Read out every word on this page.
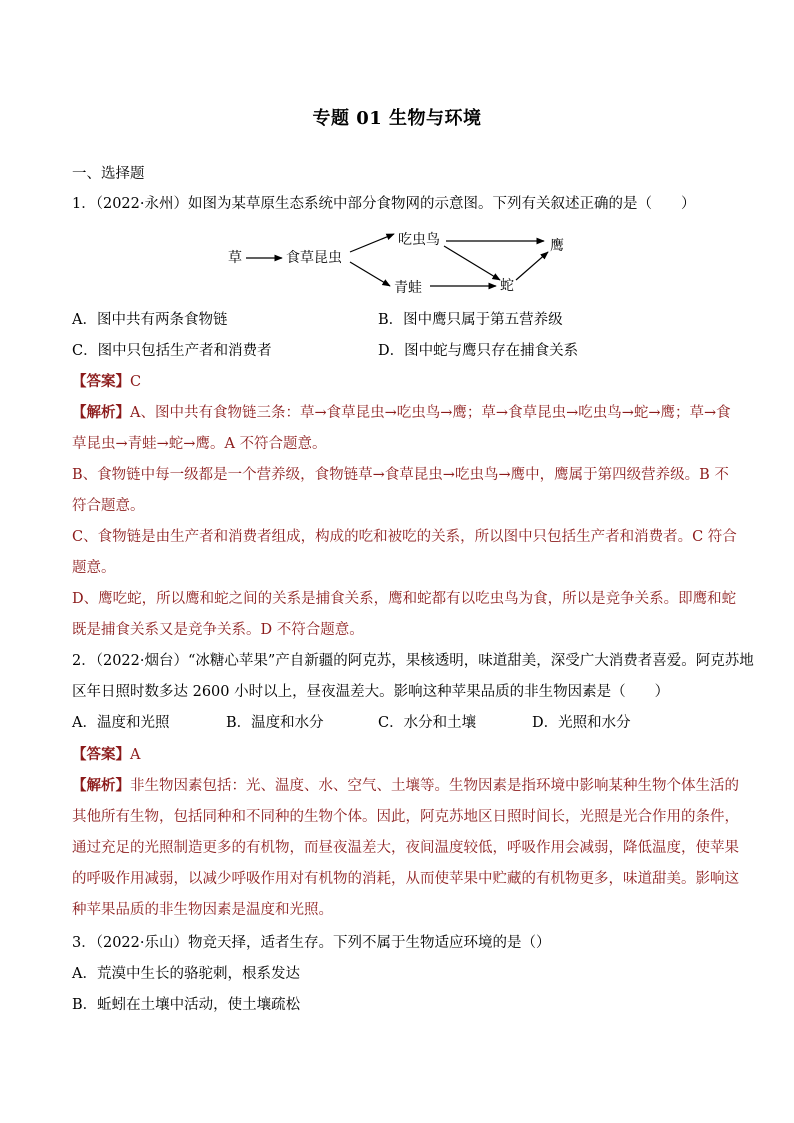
专题 01 生物与环境
一、选择题
1．（2022·永州）如图为某草原生态系统中部分食物网的示意图。下列有关叙述正确的是（　　）
草	食草昆虫
吃虫鸟
青蛙	蛇
鹰
A．图中共有两条食物链	B．图中鹰只属于第五营养级
C．图中只包括生产者和消费者	D．图中蛇与鹰只存在捕食关系
【答案】C
【解析】A、图中共有食物链三条：草→食草昆虫→吃虫鸟→鹰；草→食草昆虫→吃虫鸟→蛇→鹰；草→食
草昆虫→青蛙→蛇→鹰。A 不符合题意。
B、食物链中每一级都是一个营养级，食物链草→食草昆虫→吃虫鸟→鹰中，鹰属于第四级营养级。B 不
符合题意。
C、食物链是由生产者和消费者组成，构成的吃和被吃的关系，所以图中只包括生产者和消费者。C 符合
题意。
D、鹰吃蛇，所以鹰和蛇之间的关系是捕食关系，鹰和蛇都有以吃虫鸟为食，所以是竞争关系。即鹰和蛇
既是捕食关系又是竞争关系。D 不符合题意。
2．（2022·烟台）“冰糖心苹果”产自新疆的阿克苏，果核透明，味道甜美，深受广大消费者喜爱。阿克苏地
区年日照时数多达 2600 小时以上，昼夜温差大。影响这种苹果品质的非生物因素是（　　）
A．温度和光照	B．温度和水分	C．水分和土壤	D．光照和水分
【答案】A
【解析】非生物因素包括：光、温度、水、空气、土壤等。生物因素是指环境中影响某种生物个体生活的
其他所有生物，包括同种和不同种的生物个体。因此，阿克苏地区日照时间长，光照是光合作用的条件，
通过充足的光照制造更多的有机物，而昼夜温差大，夜间温度较低，呼吸作用会减弱，降低温度，使苹果
的呼吸作用减弱，以减少呼吸作用对有机物的消耗，从而使苹果中贮藏的有机物更多，味道甜美。影响这
种苹果品质的非生物因素是温度和光照。
3．（2022·乐山）物竞天择，适者生存。下列不属于生物适应环境的是（）
A．荒漠中生长的骆驼刺，根系发达
B．蚯蚓在土壤中活动，使土壤疏松
